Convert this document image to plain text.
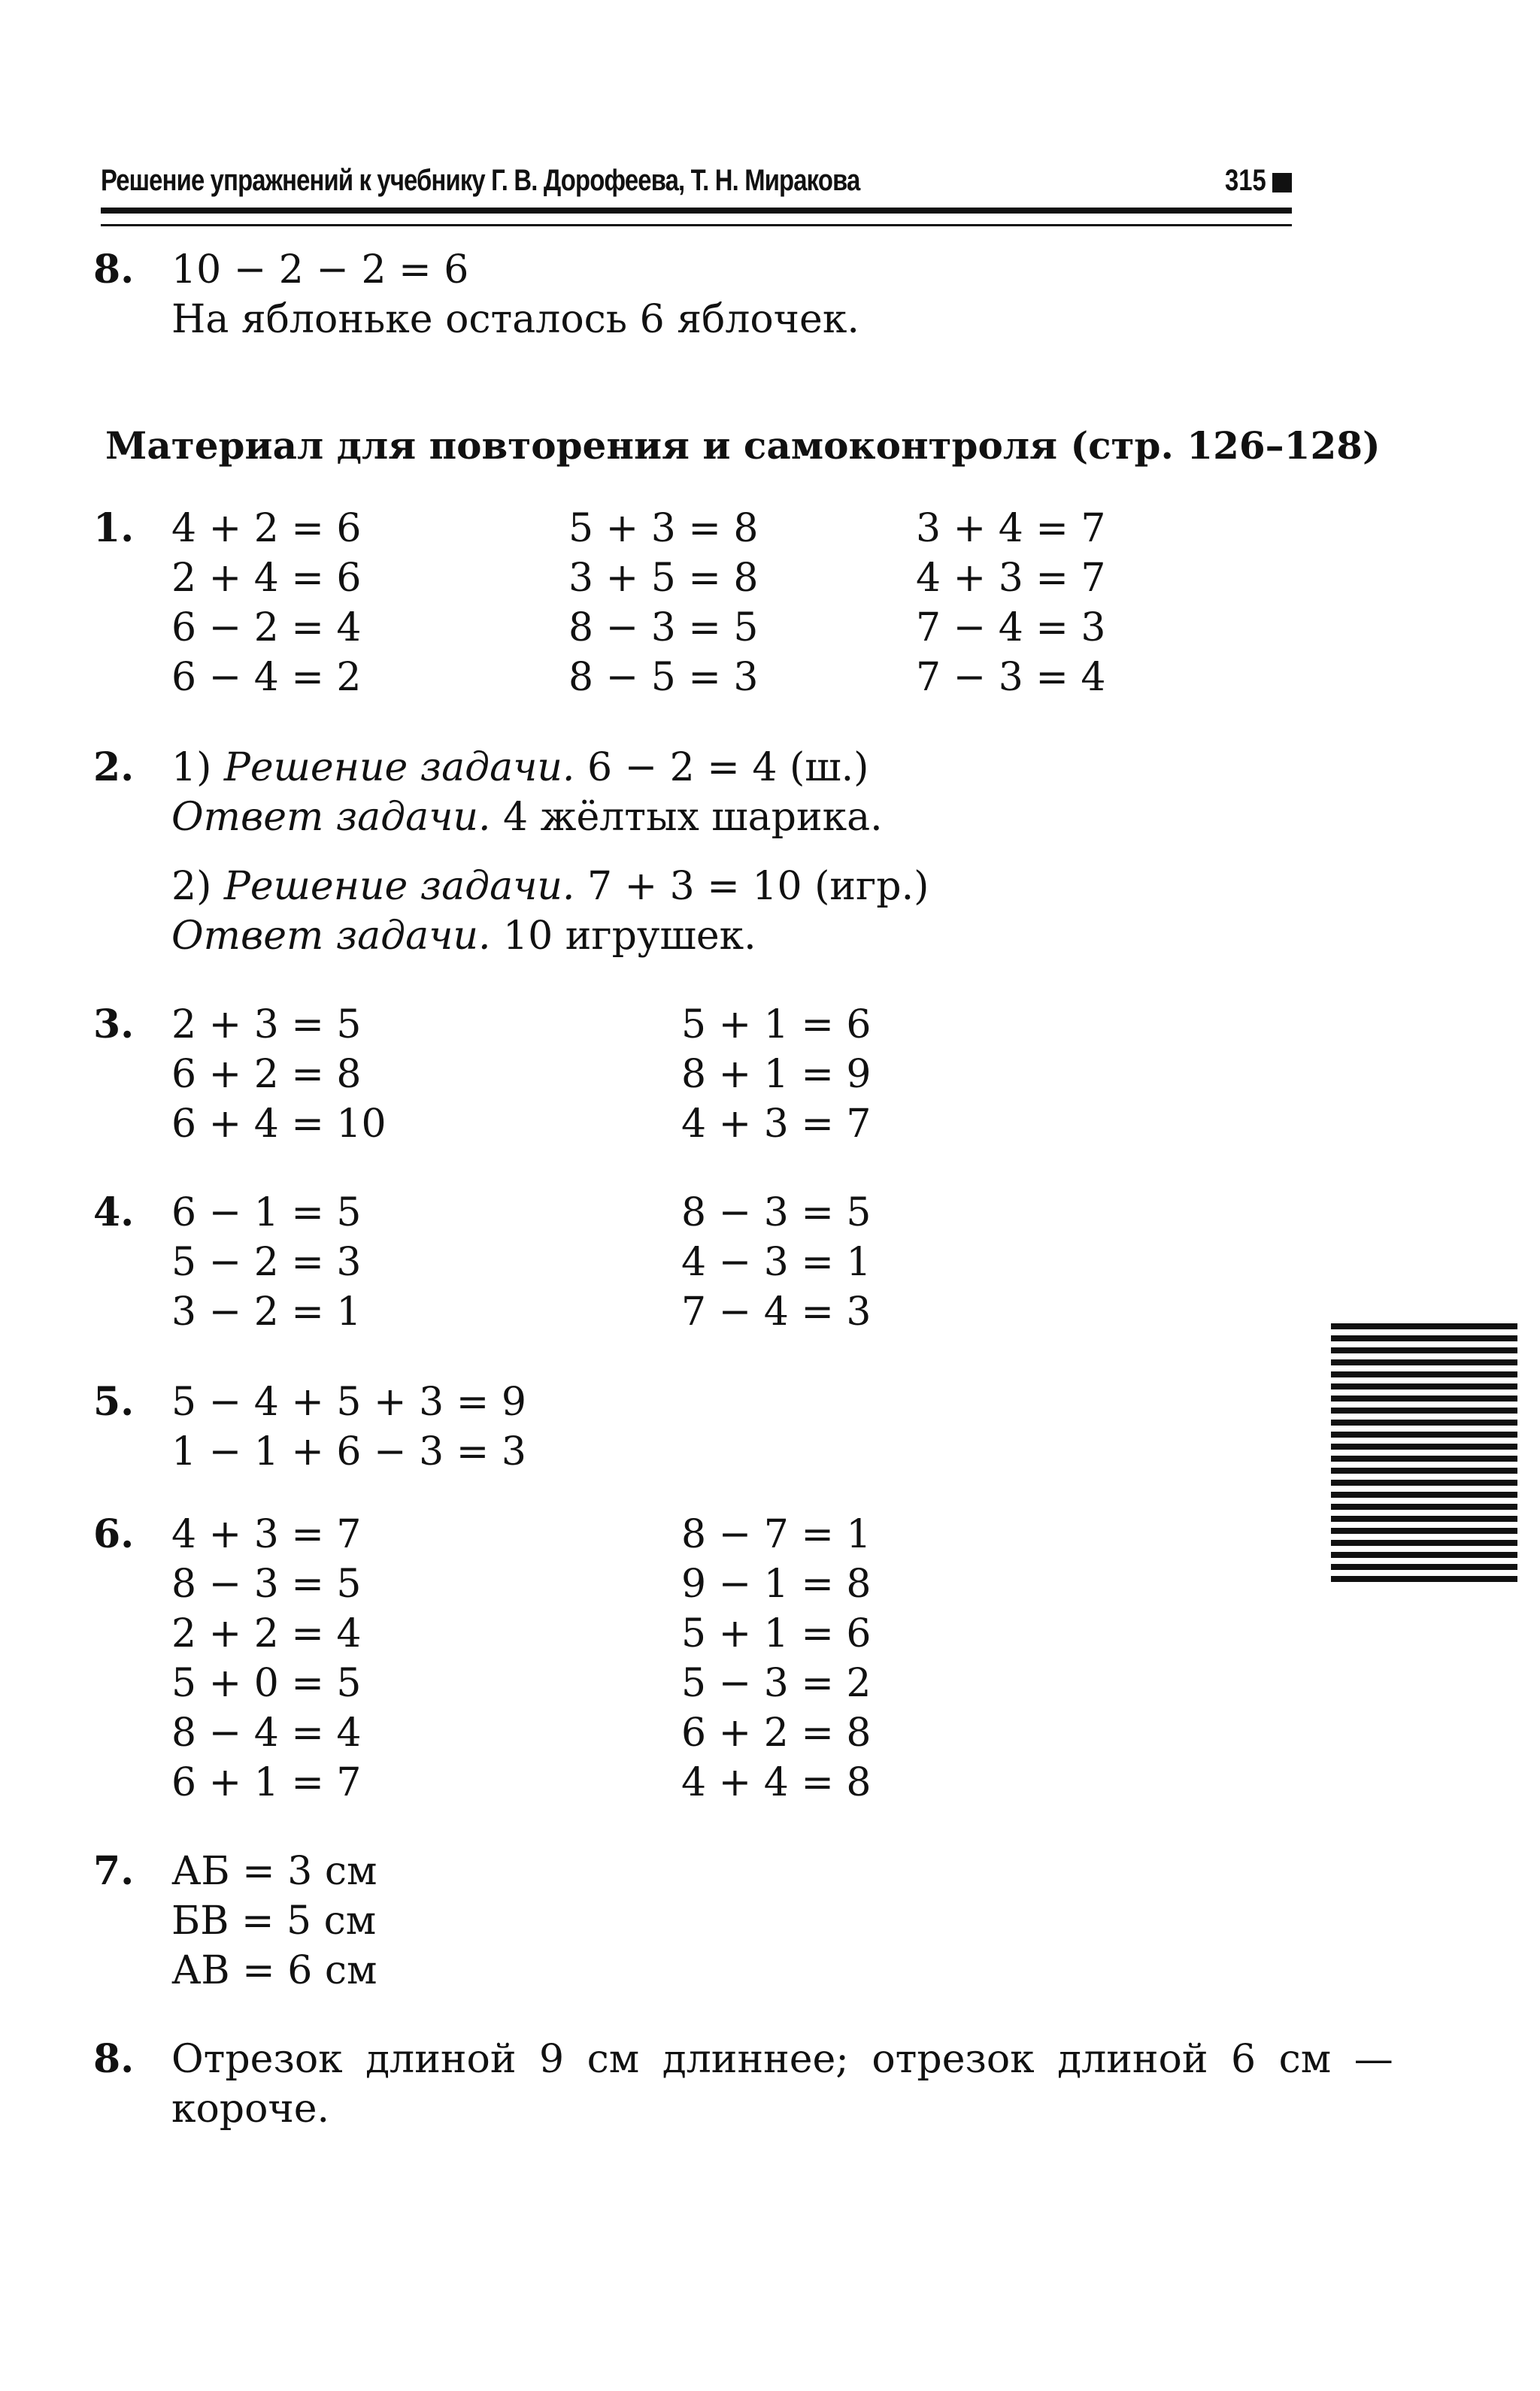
Решение упражнений к учебнику Г. В. Дорофеева, Т. Н. Миракова	315
8. 10 − 2 − 2 = 6
На яблоньке осталось 6 яблочек.
Материал для повторения и самоконтроля (стр. 126–128)
1. 4 + 2 = 6
2 + 4 = 6
6 − 2 = 4
6 − 4 = 2
5 + 3 = 8
3 + 5 = 8
8 − 3 = 5
8 − 5 = 3
3 + 4 = 7
4 + 3 = 7
7 − 4 = 3
7 − 3 = 4
2. 1) Решение задачи. 6 − 2 = 4 (ш.)
Ответ задачи. 4 жёлтых шарика.
2) Решение задачи. 7 + 3 = 10 (игр.)
Ответ задачи. 10 игрушек.
3. 2 + 3 = 5
6 + 2 = 8
6 + 4 = 10
5 + 1 = 6
8 + 1 = 9
4 + 3 = 7
4. 6 − 1 = 5
5 − 2 = 3
3 − 2 = 1
8 − 3 = 5
4 − 3 = 1
7 − 4 = 3
5. 5 − 4 + 5 + 3 = 9
1 − 1 + 6 − 3 = 3
6. 4 + 3 = 7
8 − 3 = 5
2 + 2 = 4
5 + 0 = 5
8 − 4 = 4
6 + 1 = 7
8 − 7 = 1
9 − 1 = 8
5 + 1 = 6
5 − 3 = 2
6 + 2 = 8
4 + 4 = 8
7. АБ = 3 см
БВ = 5 см
АВ = 6 см
8. Отрезок длиной 9 см длиннее; отрезок длиной 6 см —
короче.
